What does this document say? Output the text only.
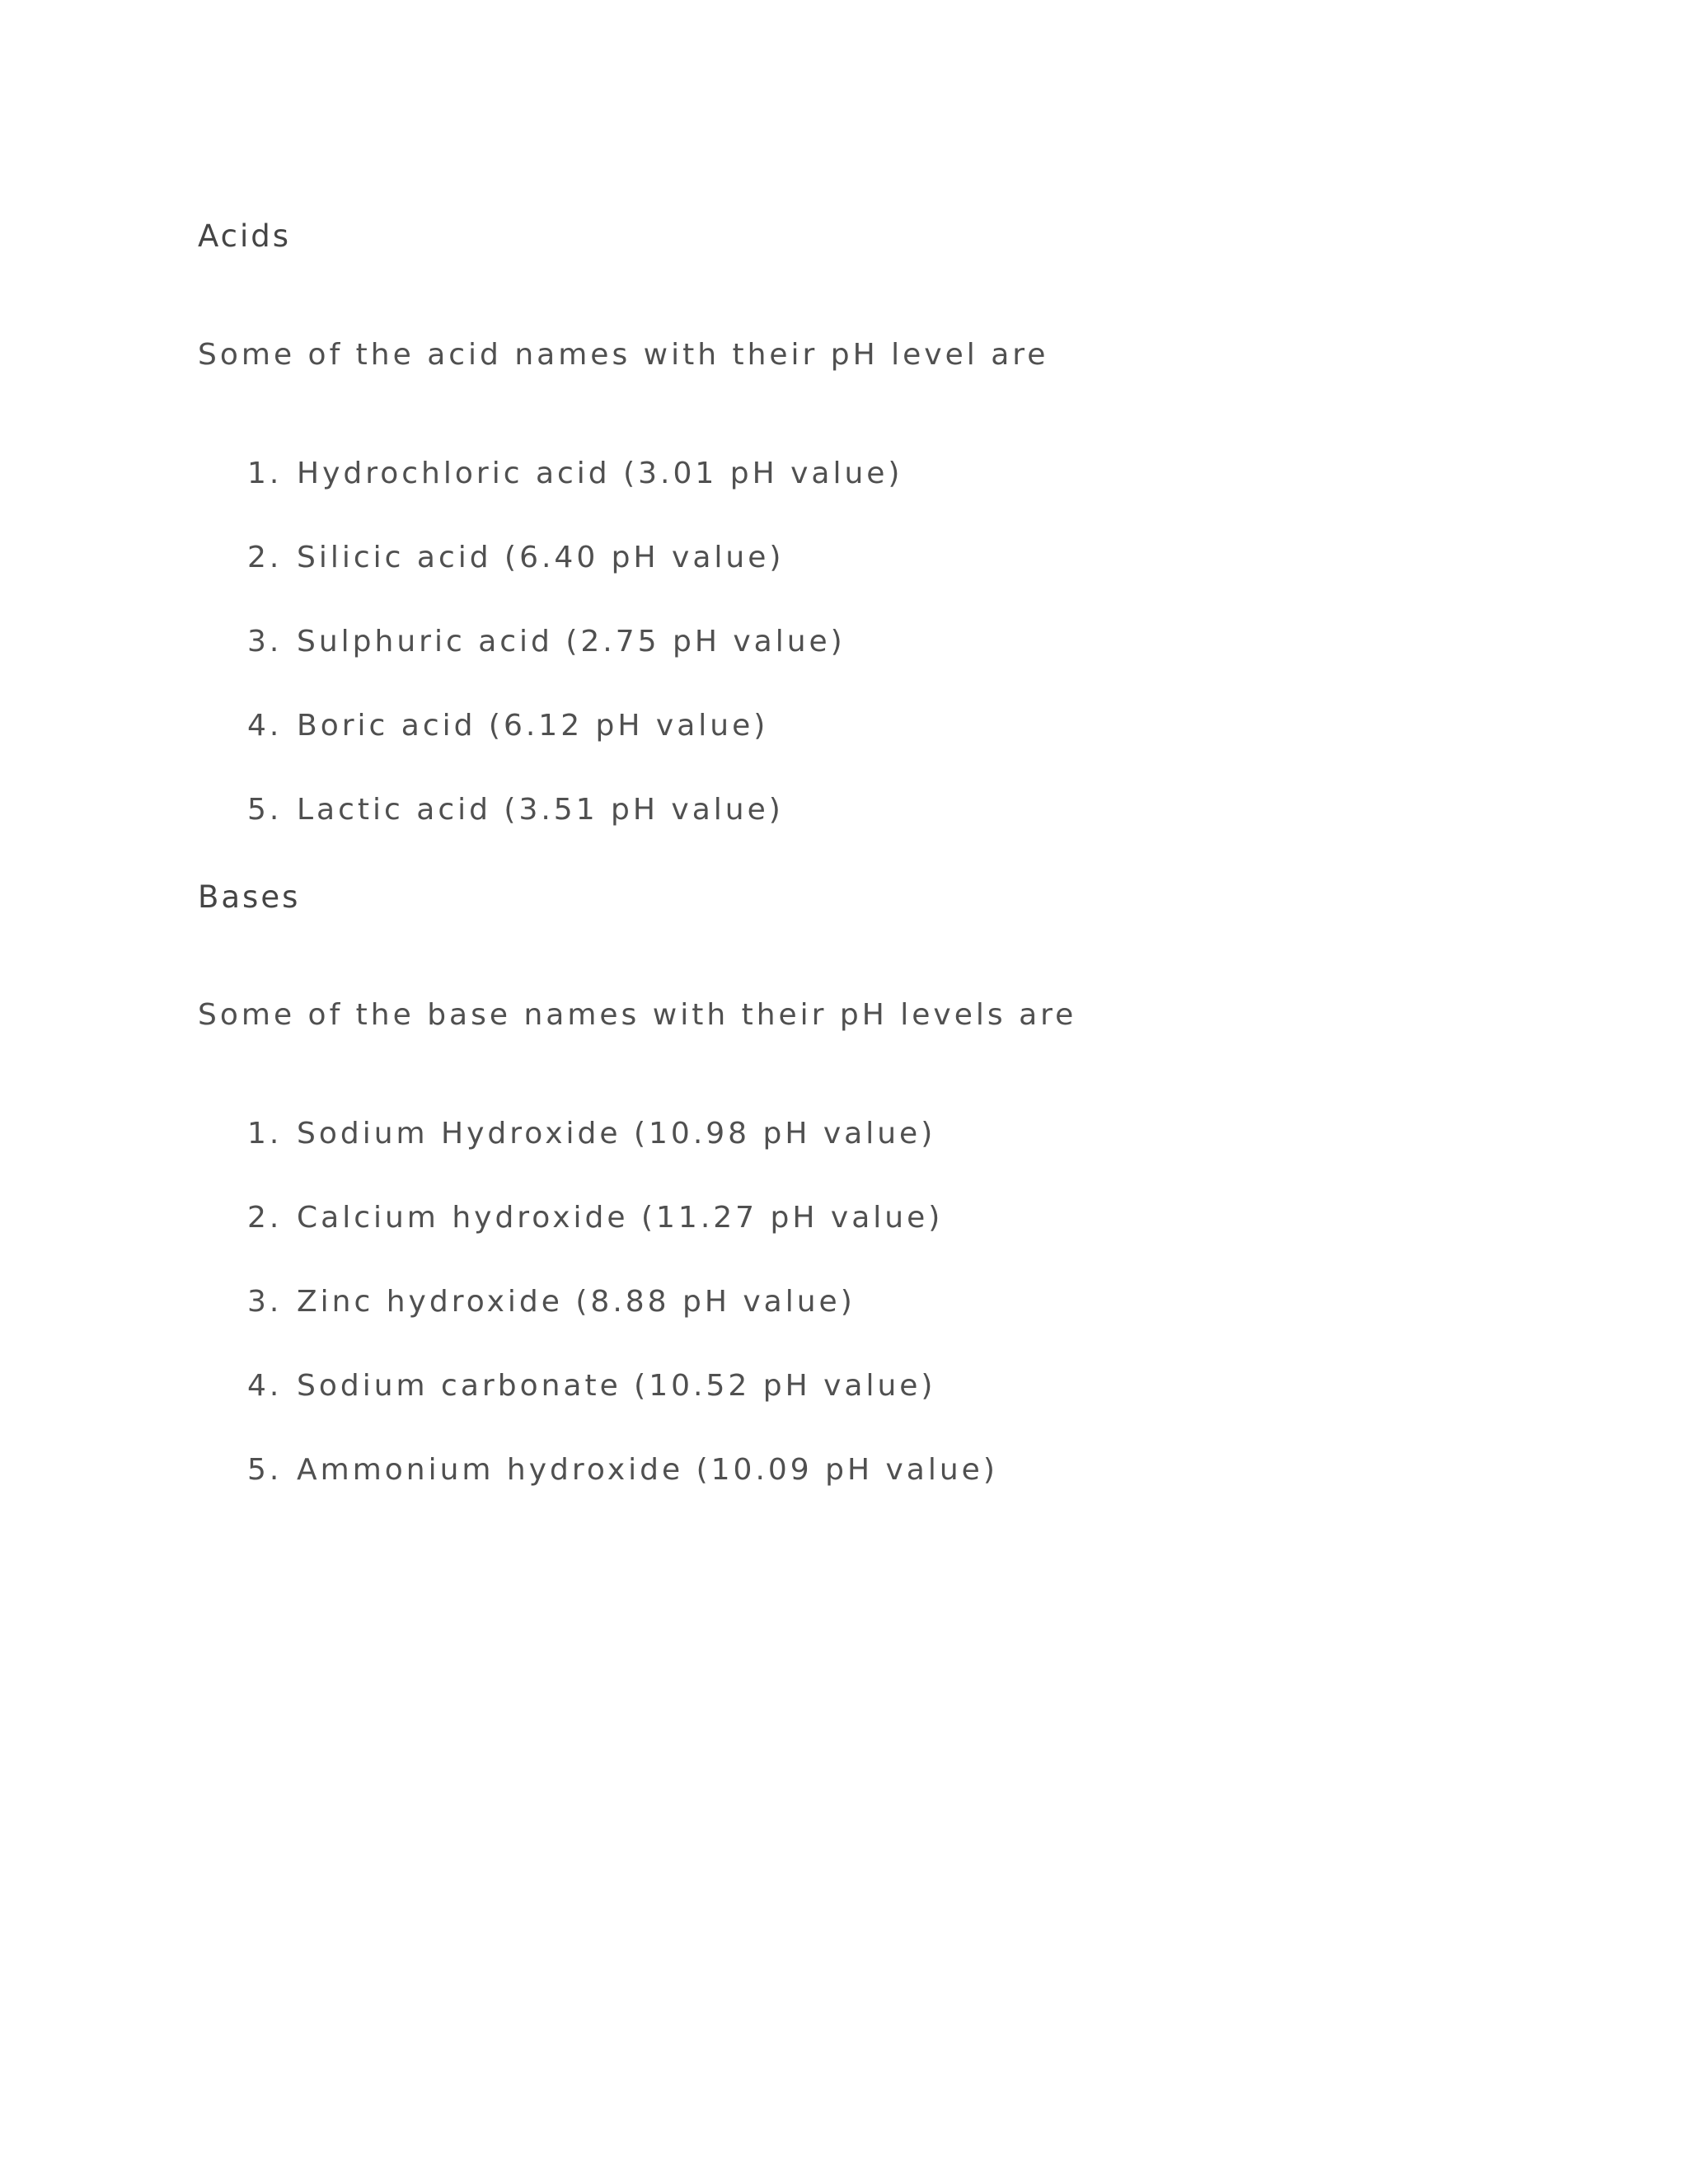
Acids

Some of the acid names with their pH level are

1. Hydrochloric acid (3.01 pH value)
2. Silicic acid (6.40 pH value)
3. Sulphuric acid (2.75 pH value)
4. Boric acid (6.12 pH value)
5. Lactic acid (3.51 pH value)
Bases

Some of the base names with their pH levels are

1. Sodium Hydroxide (10.98 pH value)
2. Calcium hydroxide (11.27 pH value)
3. Zinc hydroxide (8.88 pH value)
4. Sodium carbonate (10.52 pH value)
5. Ammonium hydroxide (10.09 pH value)
